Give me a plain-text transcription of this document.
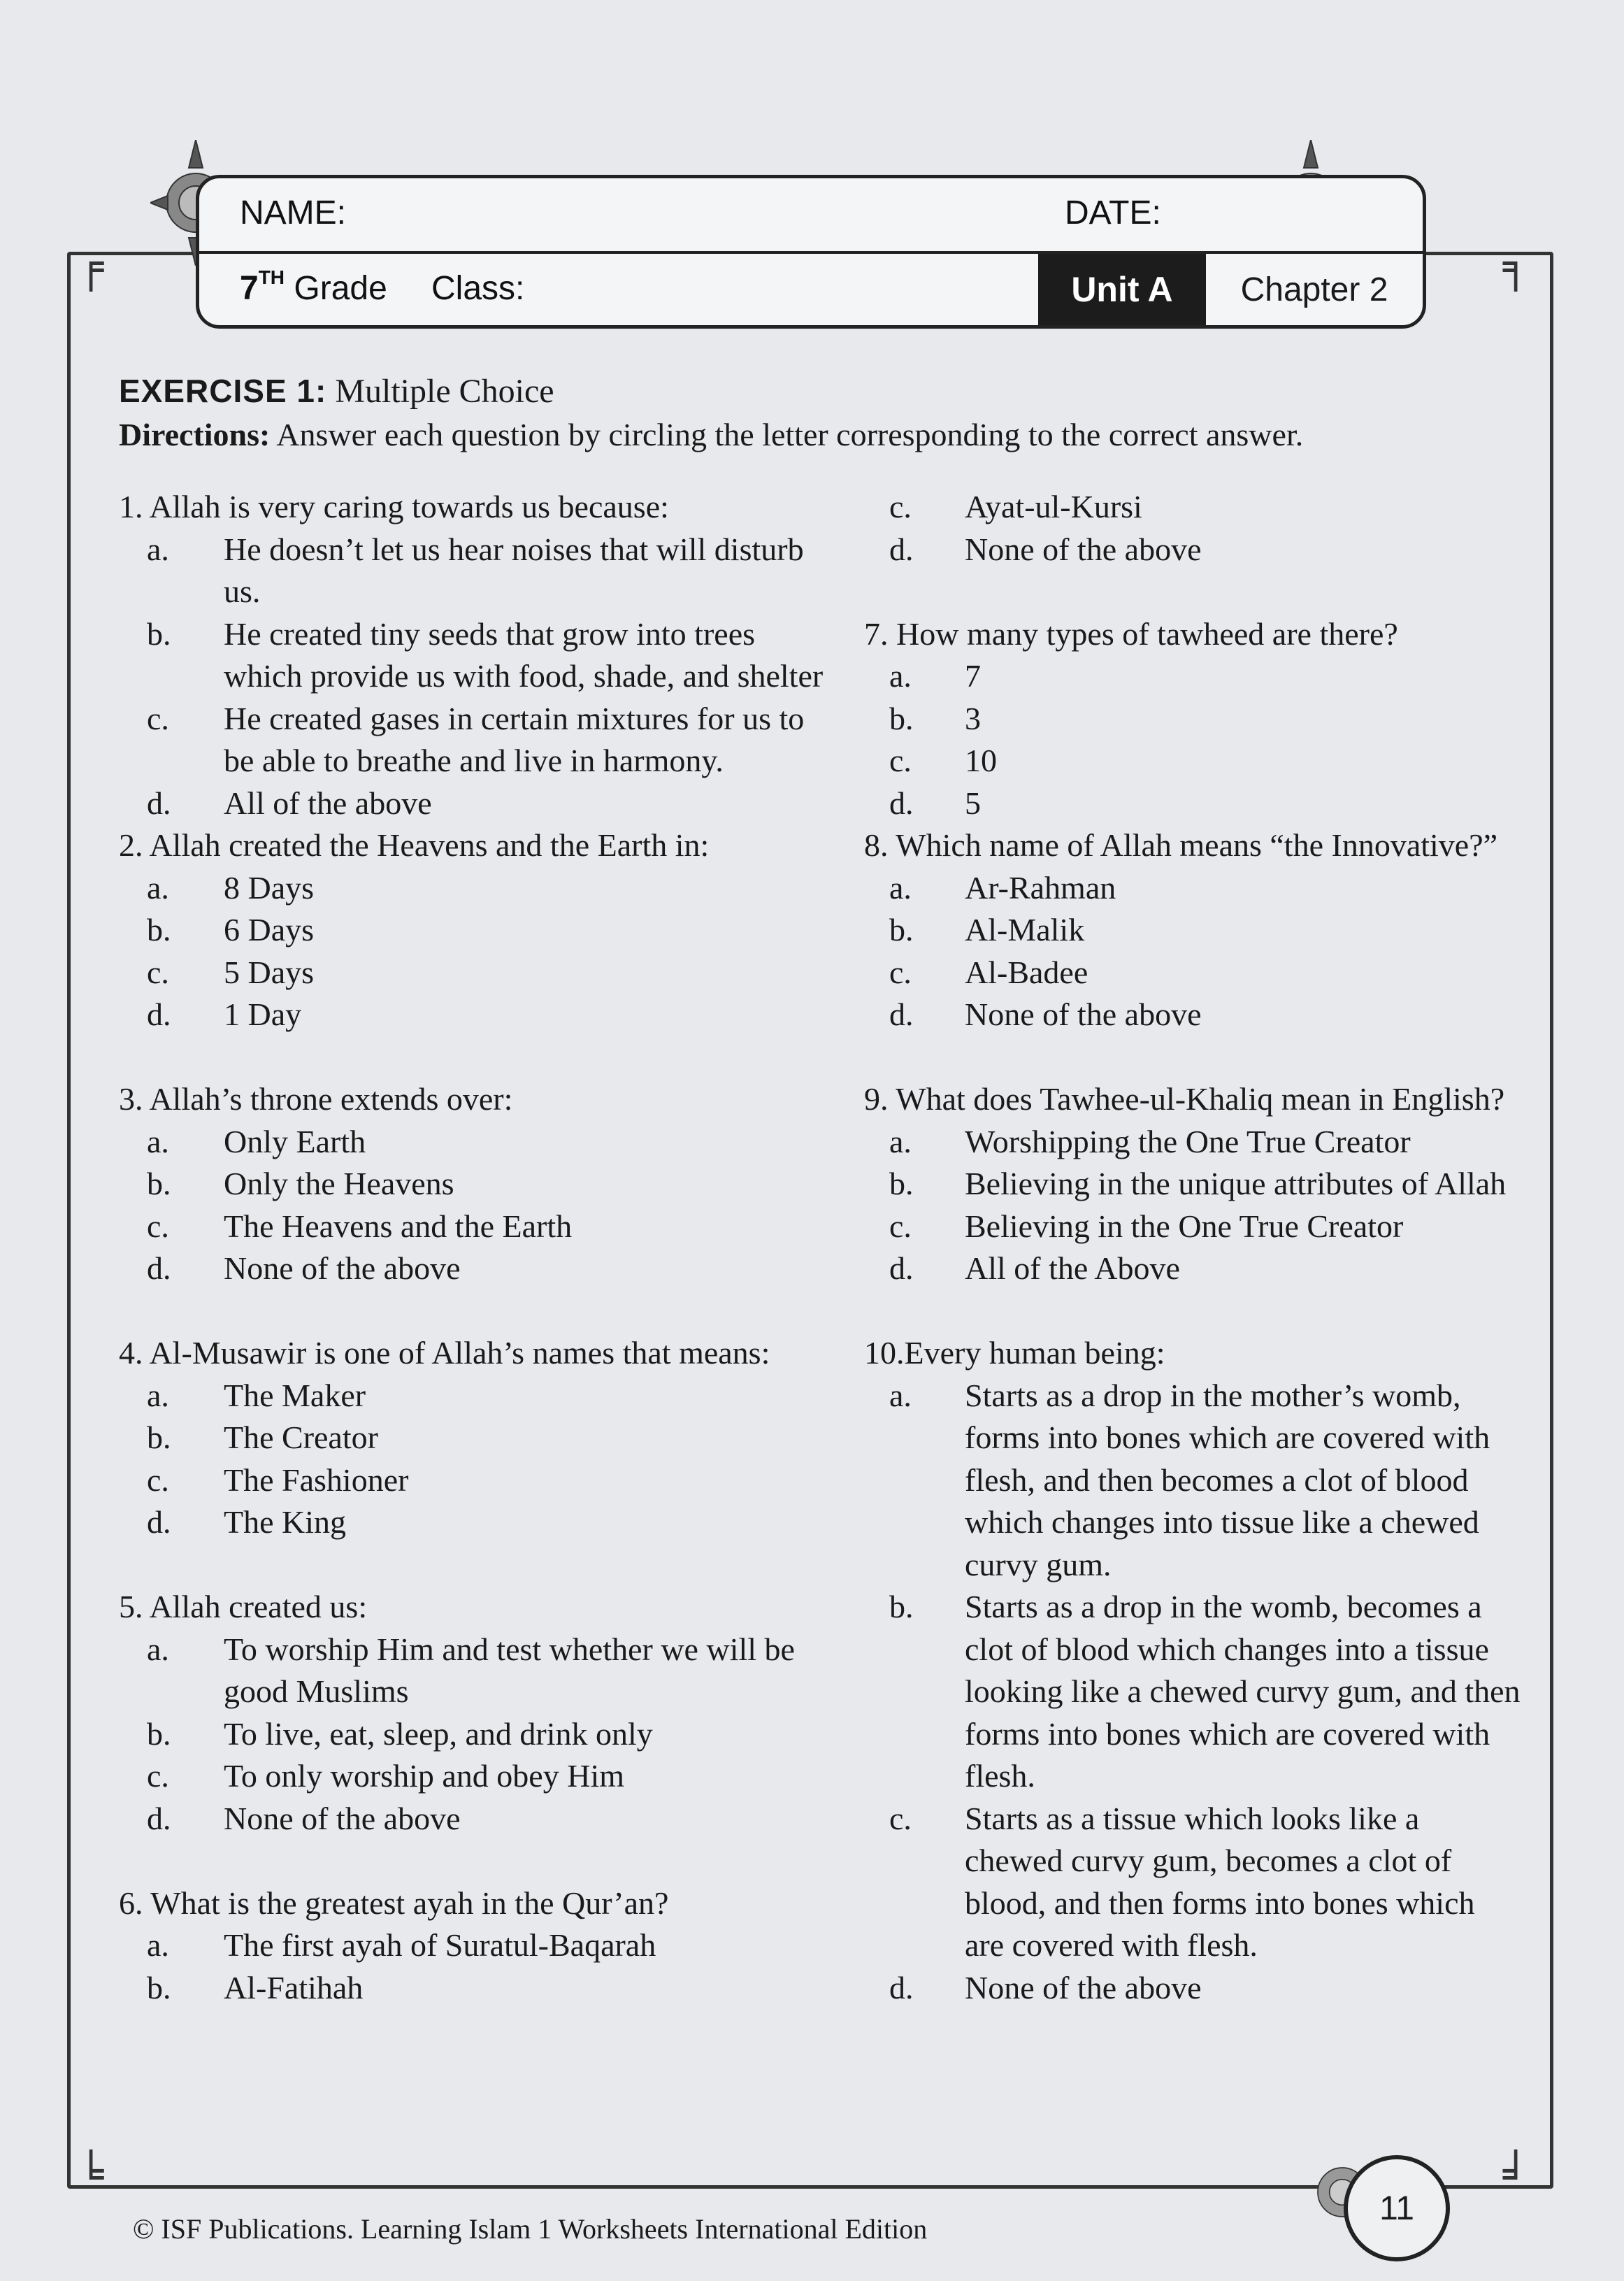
╒	╕
╘	╛
NAME:	DATE:
7TH Grade Class:	Unit A	Chapter 2
EXERCISE 1: Multiple Choice
Directions: Answer each question by circling the letter corresponding to the correct answer.

1. Allah is very caring towards us because:

a.	He doesn’t let us hear noises that will disturb us.
b.	He created tiny seeds that grow into trees which provide us with food, shade, and shelter
c.	He created gases in certain mixtures for us to be able to breathe and live in harmony.
d.	All of the above

2. Allah created the Heavens and the Earth in:

a.	8 Days
b.	6 Days
c.	5 Days
d.	1 Day

3. Allah’s throne extends over:

a.	Only Earth
b.	Only the Heavens
c.	The Heavens and the Earth
d.	None of the above

4. Al-Musawir is one of Allah’s names that means:

a.	The Maker
b.	The Creator
c.	The Fashioner
d.	The King

5. Allah created us:

a.	To worship Him and test whether we will be good Muslims
b.	To live, eat, sleep, and drink only
c.	To only worship and obey Him
d.	None of the above

6. What is the greatest ayah in the Qur’an?

a.	The first ayah of Suratul-Baqarah
b.	Al-Fatihah
c.	Ayat-ul-Kursi
d.	None of the above

7. How many types of tawheed are there?

a.	7
b.	3
c.	10
d.	5

8. Which name of Allah means “the Innovative?”

a.	Ar-Rahman
b.	Al-Malik
c.	Al-Badee
d.	None of the above

9. What does Tawhee-ul-Khaliq mean in English?

a.	Worshipping the One True Creator
b.	Believing in the unique attributes of Allah
c.	Believing in the One True Creator
d.	All of the Above

10.Every human being:

a.	Starts as a drop in the mother’s womb, forms into bones which are covered with flesh, and then becomes a clot of blood which changes into tissue like a chewed curvy gum.
b.	Starts as a drop in the womb, becomes a clot of blood which changes into a tissue looking like a chewed curvy gum, and then forms into bones which are covered with flesh.
c.	Starts as a tissue which looks like a chewed curvy gum, becomes a clot of blood, and then forms into bones which are covered with flesh.
d.	None of the above
11
© ISF Publications. Learning Islam 1 Worksheets International Edition
